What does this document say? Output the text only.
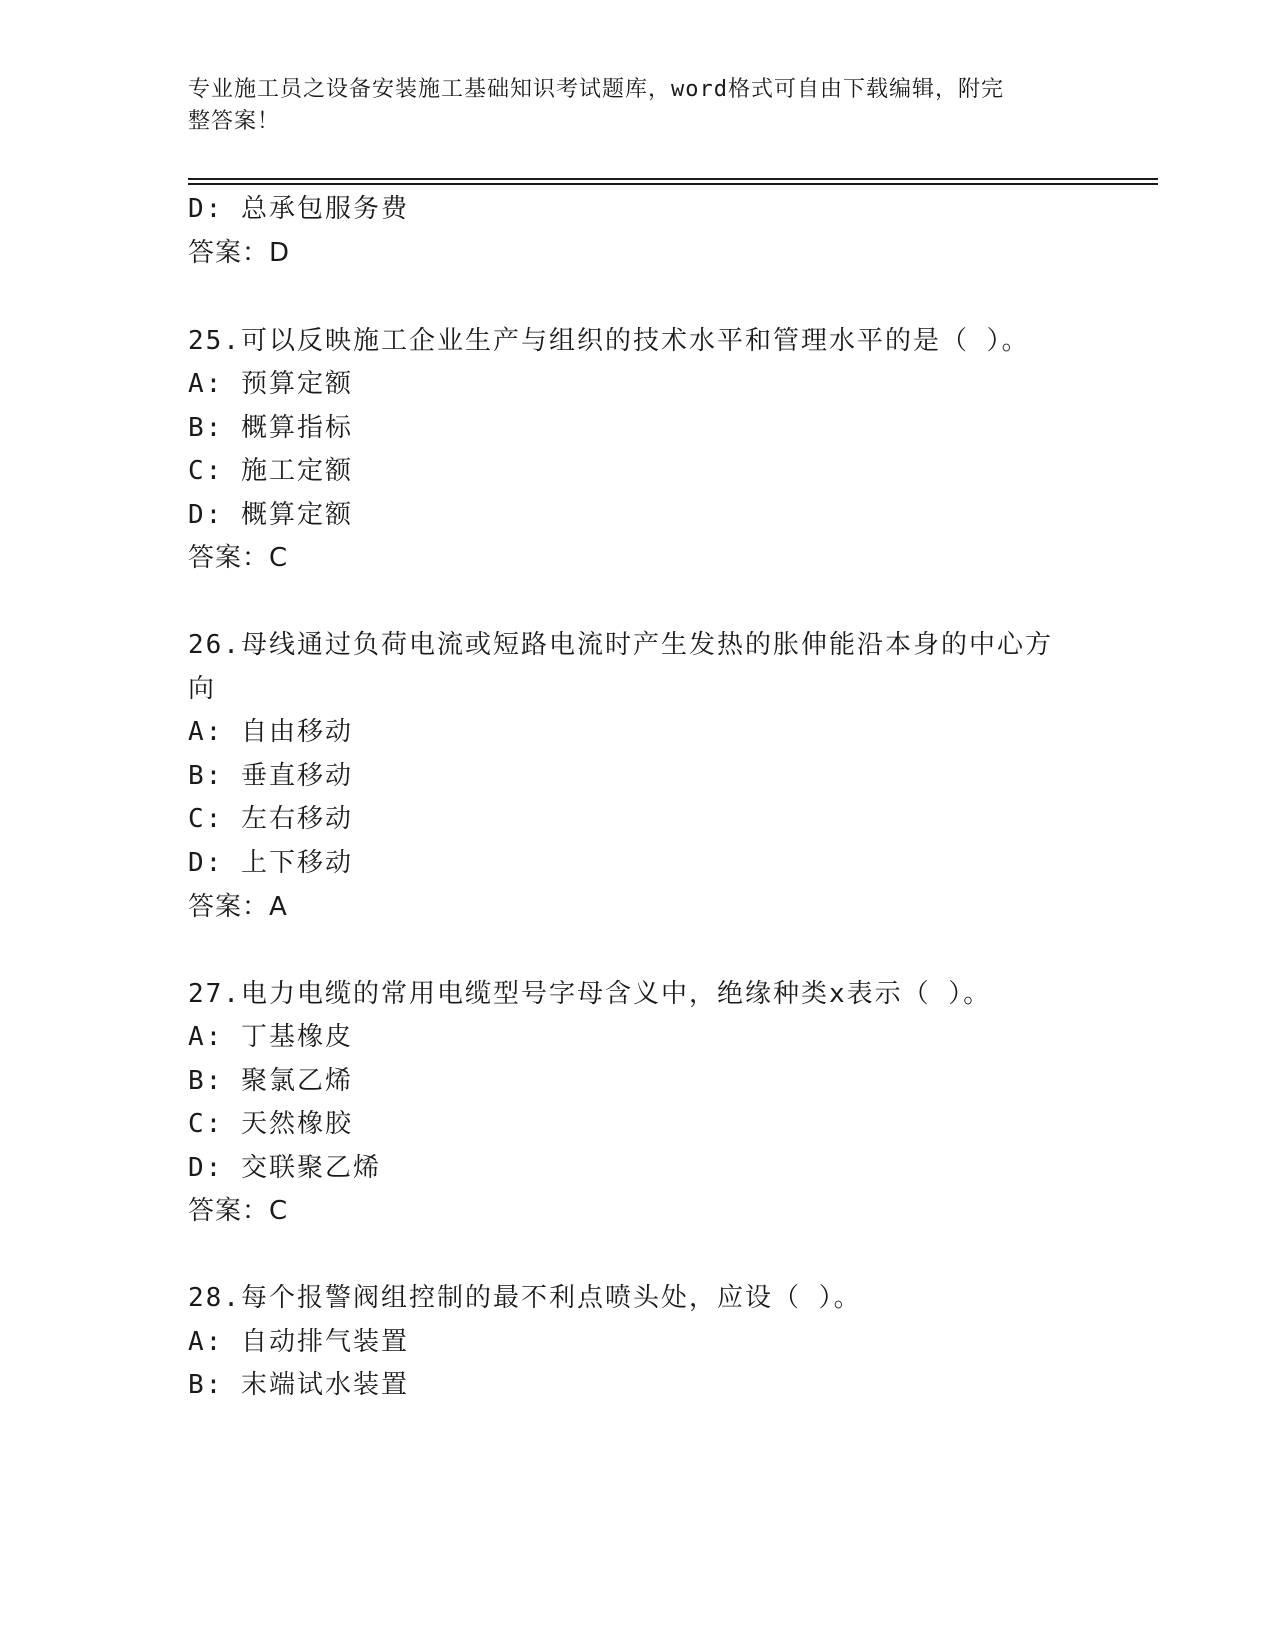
专业施工员之设备安装施工基础知识考试题库，word格式可自由下载编辑，附完
整答案！
D: 总承包服务费
答案：D
25.可以反映施工企业生产与组织的技术水平和管理水平的是（ ）。
A: 预算定额
B: 概算指标
C: 施工定额
D: 概算定额
答案：C
26.母线通过负荷电流或短路电流时产生发热的胀伸能沿本身的中心方
向
A: 自由移动
B: 垂直移动
C: 左右移动
D: 上下移动
答案：A
27.电力电缆的常用电缆型号字母含义中，绝缘种类x表示（ ）。
A: 丁基橡皮
B: 聚氯乙烯
C: 天然橡胶
D: 交联聚乙烯
答案：C
28.每个报警阀组控制的最不利点喷头处，应设（ ）。
A: 自动排气装置
B: 末端试水装置
